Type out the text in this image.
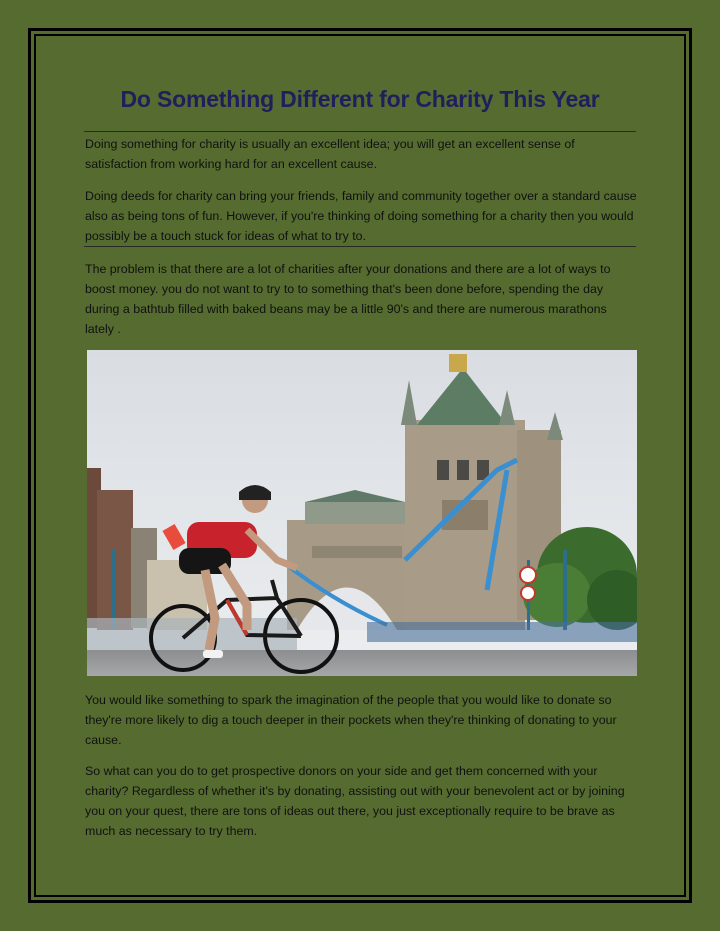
Do Something Different for Charity This Year

Doing something for charity is usually an excellent idea; you will get an excellent sense of satisfaction from working hard for an excellent cause.

Doing deeds for charity can bring your friends, family and community together over a standard cause also as being tons of fun. However, if you're thinking of doing something for a charity then you would possibly be a touch stuck for ideas of what to try to.

The problem is that there are a lot of charities after your donations and there are a lot of ways to boost money. you do not want to try to to something that's been done before, spending the day during a bathtub filled with baked beans may be a little 90's and there are numerous marathons lately .

You would like something to spark the imagination of the people that you would like to donate so they're more likely to dig a touch deeper in their pockets when they're thinking of donating to your cause.

So what can you do to get prospective donors on your side and get them concerned with your charity? Regardless of whether it's by donating, assisting out with your benevolent act or by joining you on your quest, there are tons of ideas out there, you just exceptionally require to be brave as much as necessary to try them.
